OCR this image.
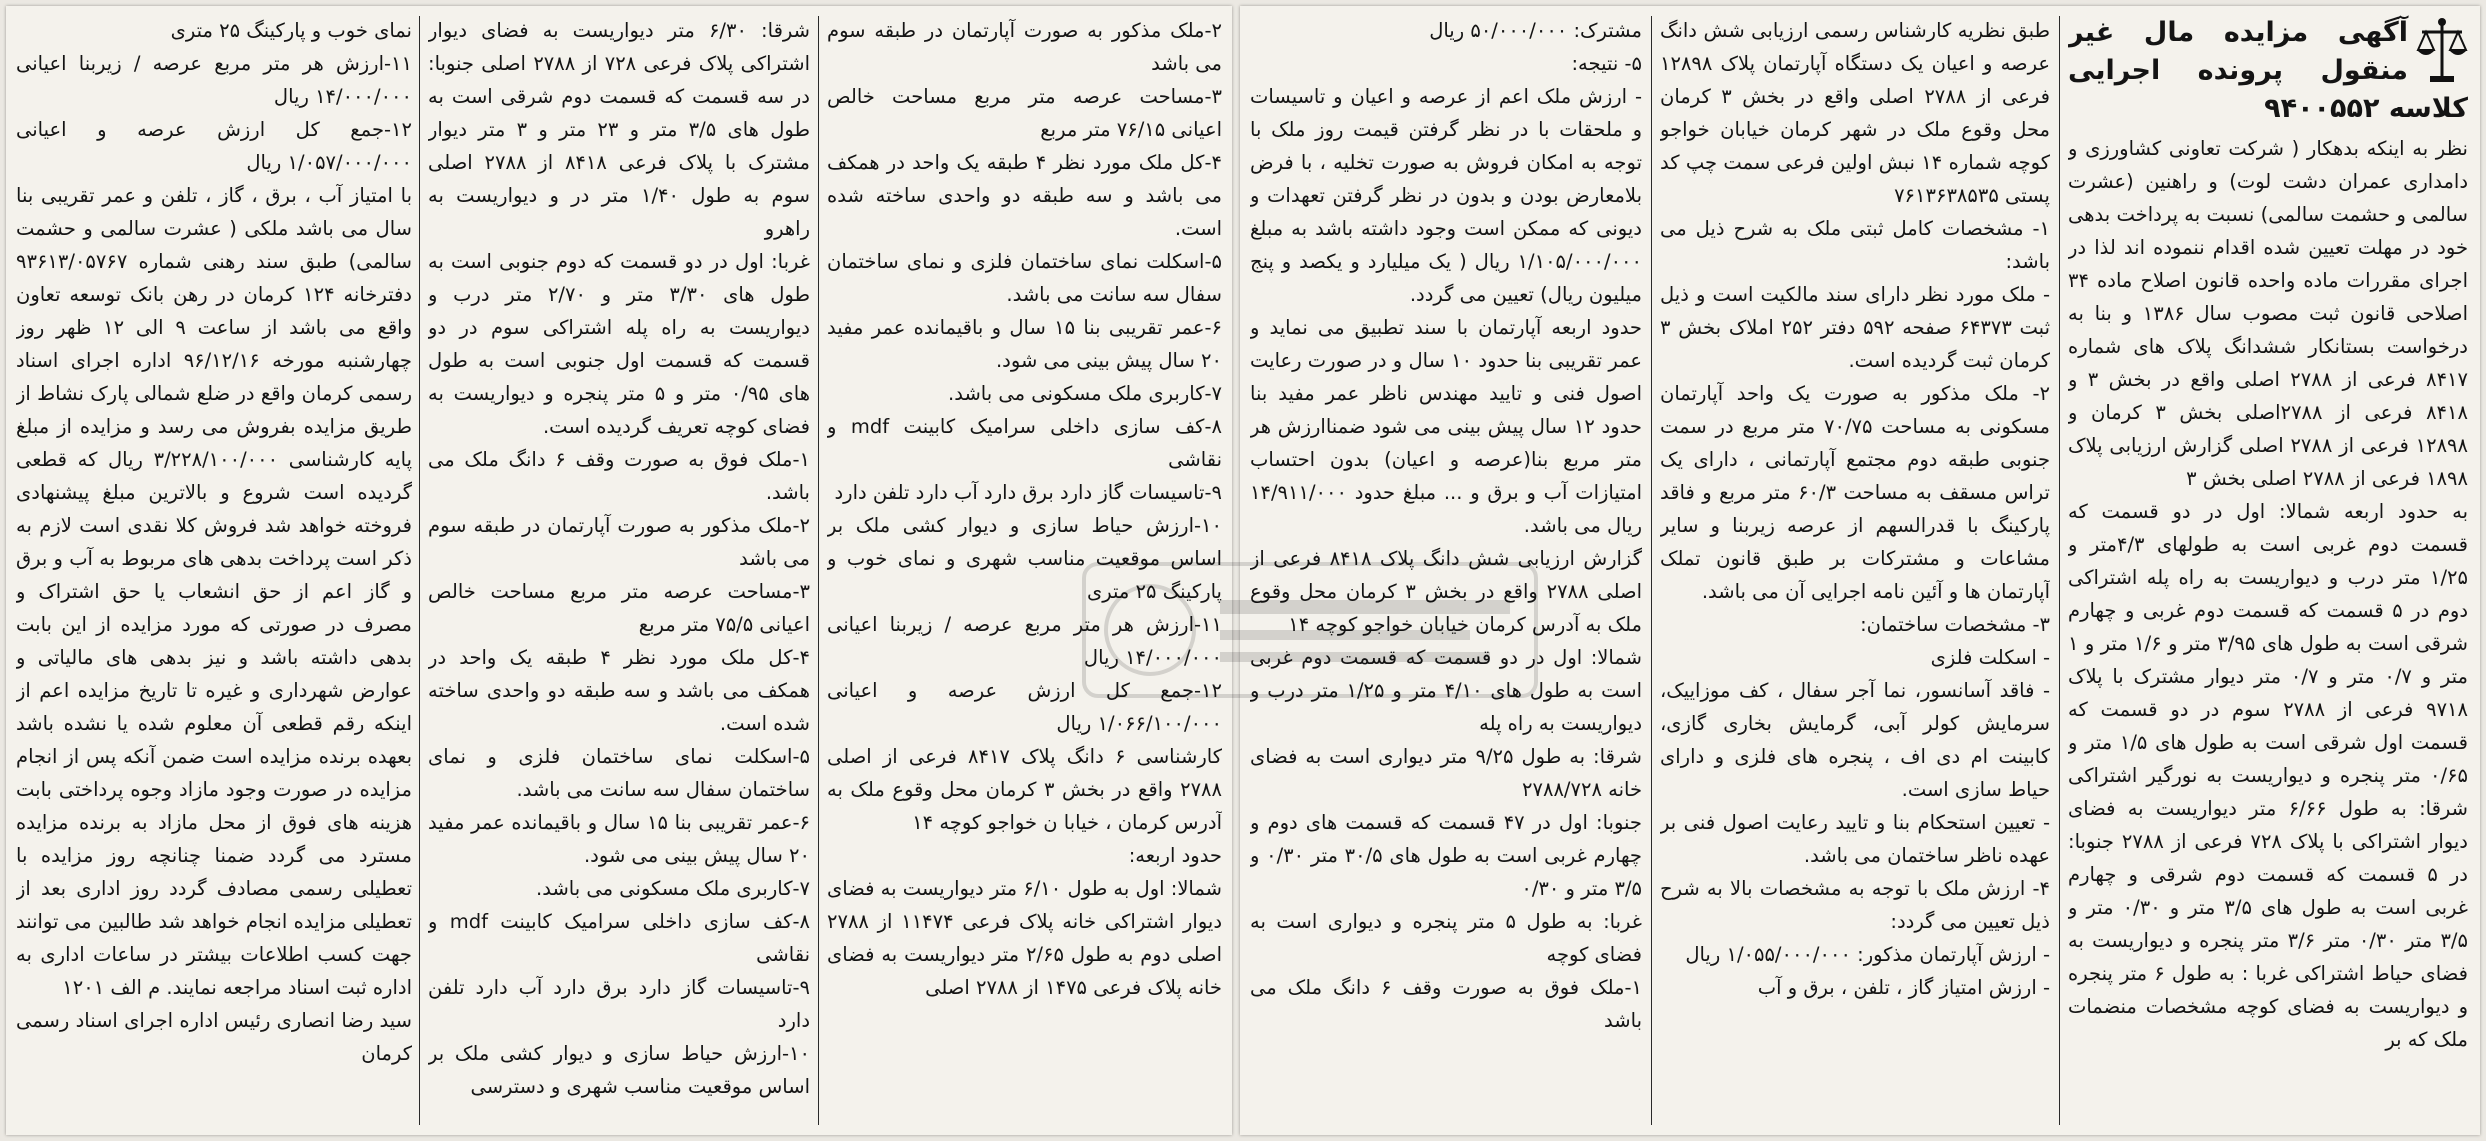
آگهی مزایده مال غیر منقول پرونده اجرایی کلاسه ۹۴۰۰۵۵۲

نظر به اینکه بدهکار ( شرکت تعاونی کشاورزی و دامداری عمران دشت لوت) و راهنین (عشرت سالمی و حشمت سالمی) نسبت به پرداخت بدهی خود در مهلت تعیین شده اقدام ننموده اند لذا در اجرای مقررات ماده واحده قانون اصلاح ماده ۳۴ اصلاحی قانون ثبت مصوب سال ۱۳۸۶ و بنا به درخواست بستانکار ششدانگ پلاک های شماره ۸۴۱۷ فرعی از ۲۷۸۸ اصلی واقع در بخش ۳ و ۸۴۱۸ فرعی از ۲۷۸۸اصلی بخش ۳ کرمان و ۱۲۸۹۸ فرعی از ۲۷۸۸ اصلی گزارش ارزیابی پلاک ۱۸۹۸ فرعی از ۲۷۸۸ اصلی بخش ۳

به حدود اربعه شمالا: اول در دو قسمت که قسمت دوم غربی است به طولهای ۴/۳متر و ۱/۲۵ متر درب و دیواریست به راه پله اشتراکی دوم در ۵ قسمت که قسمت دوم غربی و چهارم شرقی است به طول های ۳/۹۵ متر و ۱/۶ متر و ۱ متر و ۰/۷ متر و ۰/۷ متر دیوار مشترک با پلاک ۹۷۱۸ فرعی از ۲۷۸۸ سوم در دو قسمت که قسمت اول شرقی است به طول های ۱/۵ متر و ۰/۶۵ متر پنجره و دیواریست به نورگیر اشتراکی شرقا: به طول ۶/۶۶ متر دیواریست به فضای دیوار اشتراکی با پلاک ۷۲۸ فرعی از ۲۷۸۸ جنوبا: در ۵ قسمت که قسمت دوم شرقی و چهارم غربی است به طول های ۳/۵ متر و ۰/۳۰ متر و ۳/۵ متر ۰/۳۰ متر ۳/۶ متر پنجره و دیواریست به فضای حیاط اشتراکی غربا : به طول ۶ متر پنجره و دیواریست به فضای کوچه مشخصات منضمات ملک که بر

طبق نظریه کارشناس رسمی ارزیابی شش دانگ عرصه و اعیان یک دستگاه آپارتمان پلاک ۱۲۸۹۸ فرعی از ۲۷۸۸ اصلی واقع در بخش ۳ کرمان محل وقوع ملک در شهر کرمان خیابان خواجو کوچه شماره ۱۴ نبش اولین فرعی سمت چپ کد پستی ۷۶۱۳۶۳۸۵۳۵

۱- مشخصات کامل ثبتی ملک به شرح ذیل می باشد:

- ملک مورد نظر دارای سند مالکیت است و ذیل ثبت ۶۴۳۷۳ صفحه ۵۹۲ دفتر ۲۵۲ املاک بخش ۳ کرمان ثبت گردیده است.

۲- ملک مذکور به صورت یک واحد آپارتمان مسکونی به مساحت ۷۰/۷۵ متر مربع در سمت جنوبی طبقه دوم مجتمع آپارتمانی ، دارای یک تراس مسقف به مساحت ۶۰/۳ متر مربع و فاقد پارکینگ با قدرالسهم از عرصه زیربنا و سایر مشاعات و مشترکات بر طبق قانون تملک آپارتمان ها و آئین نامه اجرایی آن می باشد.

۳- مشخصات ساختمان:

- اسکلت فلزی

- فاقد آسانسور، نما آجر سفال ، کف موزاییک، سرمایش کولر آبی، گرمایش بخاری گازی، کابینت ام دی اف ، پنجره های فلزی و دارای حیاط سازی است.

- تعیین استحکام بنا و تایید رعایت اصول فنی بر عهده ناظر ساختمان می باشد.

۴- ارزش ملک با توجه به مشخصات بالا به شرح ذیل تعیین می گردد:

- ارزش آپارتمان مذکور: ۱/۰۵۵/۰۰۰/۰۰۰ ریال

- ارزش امتیاز گاز ، تلفن ، برق و آب

مشترک: ۵۰/۰۰۰/۰۰۰ ریال

۵- نتیجه:

- ارزش ملک اعم از عرصه و اعیان و تاسیسات و ملحقات با در نظر گرفتن قیمت روز ملک با توجه به امکان فروش به صورت تخلیه ، با فرض بلامعارض بودن و بدون در نظر گرفتن تعهدات و دیونی که ممکن است وجود داشته باشد به مبلغ ۱/۱۰۵/۰۰۰/۰۰۰ ریال ( یک میلیارد و یکصد و پنج میلیون ریال) تعیین می گردد.

حدود اربعه آپارتمان با سند تطبیق می نماید و عمر تقریبی بنا حدود ۱۰ سال و در صورت رعایت اصول فنی و تایید مهندس ناظر عمر مفید بنا حدود ۱۲ سال پیش بینی می شود ضمناارزش هر متر مربع بنا(عرصه و اعیان) بدون احتساب امتیازات آب و برق و ... مبلغ حدود ۱۴/۹۱۱/۰۰۰ ریال می باشد.

گزارش ارزیابی شش دانگ پلاک ۸۴۱۸ فرعی از اصلی ۲۷۸۸ واقع در بخش ۳ کرمان محل وقوع ملک به آدرس کرمان خیابان خواجو کوچه ۱۴

شمالا: اول در دو قسمت که قسمت دوم غربی است به طول های ۴/۱۰ متر و ۱/۲۵ متر درب و دیواریست به راه پله

شرقا: به طول ۹/۲۵ متر دیواری است به فضای خانه ۲۷۸۸/۷۲۸

جنوبا: اول در ۴۷ قسمت که قسمت های دوم و چهارم غربی است به طول های ۳۰/۵ متر ۰/۳۰ و ۳/۵ متر و ۰/۳۰

غربا: به طول ۵ متر پنجره و دیواری است به فضای کوچه

۱-ملک فوق به صورت وقف ۶ دانگ ملک می باشد

۲-ملک مذکور به صورت آپارتمان در طبقه سوم می باشد

۳-مساحت عرصه متر مربع مساحت خالص اعیانی ۷۶/۱۵ متر مربع

۴-کل ملک مورد نظر ۴ طبقه یک واحد در همکف می باشد و سه طبقه دو واحدی ساخته شده است.

۵-اسکلت نمای ساختمان فلزی و نمای ساختمان سفال سه سانت می باشد.

۶-عمر تقریبی بنا ۱۵ سال و باقیمانده عمر مفید ۲۰ سال پیش بینی می شود.

۷-کاربری ملک مسکونی می باشد.

۸-کف سازی داخلی سرامیک کابینت mdf و نقاشی

۹-تاسیسات گاز دارد برق دارد آب دارد تلفن دارد

۱۰-ارزش حیاط سازی و دیوار کشی ملک بر اساس موقعیت مناسب شهری و نمای خوب و پارکینگ ۲۵ متری

۱۱-ارزش هر متر مربع عرصه / زیربنا اعیانی ۱۴/۰۰۰/۰۰۰ ریال

۱۲-جمع کل ارزش عرصه و اعیانی ۱/۰۶۶/۱۰۰/۰۰۰ ریال

کارشناسی ۶ دانگ پلاک ۸۴۱۷ فرعی از اصلی ۲۷۸۸ واقع در بخش ۳ کرمان محل وقوع ملک به آدرس کرمان ، خیابا ن خواجو کوچه ۱۴

حدود اربعه:

شمالا: اول به طول ۶/۱۰ متر دیواریست به فضای دیوار اشتراکی خانه پلاک فرعی ۱۱۴۷۴ از ۲۷۸۸ اصلی دوم به طول ۲/۶۵ متر دیواریست به فضای خانه پلاک فرعی ۱۴۷۵ از ۲۷۸۸ اصلی

شرقا: ۶/۳۰ متر دیواریست به فضای دیوار اشتراکی پلاک فرعی ۷۲۸ از ۲۷۸۸ اصلی جنوبا: در سه قسمت که قسمت دوم شرقی است به طول های ۳/۵ متر و ۲۳ متر و ۳ متر دیوار مشترک با پلاک فرعی ۸۴۱۸ از ۲۷۸۸ اصلی سوم به طول ۱/۴۰ متر در و دیواریست به راهرو

غربا: اول در دو قسمت که دوم جنوبی است به طول های ۳/۳۰ متر و ۲/۷۰ متر درب و دیواریست به راه پله اشتراکی سوم در دو قسمت که قسمت اول جنوبی است به طول های ۰/۹۵ متر و ۵ متر پنجره و دیواریست به فضای کوچه تعریف گردیده است.

۱-ملک فوق به صورت وقف ۶ دانگ ملک می باشد.

۲-ملک مذکور به صورت آپارتمان در طبقه سوم می باشد

۳-مساحت عرصه متر مربع مساحت خالص اعیانی ۷۵/۵ متر مربع

۴-کل ملک مورد نظر ۴ طبقه یک واحد در همکف می باشد و سه طبقه دو واحدی ساخته شده است.

۵-اسکلت نمای ساختمان فلزی و نمای ساختمان سفال سه سانت می باشد.

۶-عمر تقریبی بنا ۱۵ سال و باقیمانده عمر مفید ۲۰ سال پیش بینی می شود.

۷-کاربری ملک مسکونی می باشد.

۸-کف سازی داخلی سرامیک کابینت mdf و نقاشی

۹-تاسیسات گاز دارد برق دارد آب دارد تلفن دارد

۱۰-ارزش حیاط سازی و دیوار کشی ملک بر اساس موقعیت مناسب شهری و دسترسی

نمای خوب و پارکینگ ۲۵ متری

۱۱-ارزش هر متر مربع عرصه / زیربنا اعیانی ۱۴/۰۰۰/۰۰۰ ریال

۱۲-جمع کل ارزش عرصه و اعیانی ۱/۰۵۷/۰۰۰/۰۰۰ ریال

با امتیاز آب ، برق ، گاز ، تلفن و عمر تقریبی بنا سال می باشد ملکی ( عشرت سالمی و حشمت سالمی) طبق سند رهنی شماره ۹۳۶۱۳/۰۵۷۶۷ دفترخانه ۱۲۴ کرمان در رهن بانک توسعه تعاون واقع می باشد از ساعت ۹ الی ۱۲ ظهر روز چهارشنبه مورخه ۹۶/۱۲/۱۶ اداره اجرای اسناد رسمی کرمان واقع در ضلع شمالی پارک نشاط از طریق مزایده بفروش می رسد و مزایده از مبلغ پایه کارشناسی ۳/۲۲۸/۱۰۰/۰۰۰ ریال که قطعی گردیده است شروع و بالاترین مبلغ پیشنهادی فروخته خواهد شد فروش کلا نقدی است لازم به ذکر است پرداخت بدهی های مربوط به آب و برق و گاز اعم از حق انشعاب یا حق اشتراک و مصرف در صورتی که مورد مزایده از این بابت بدهی داشته باشد و نیز بدهی های مالیاتی و عوارض شهرداری و غیره تا تاریخ مزایده اعم از اینکه رقم قطعی آن معلوم شده یا نشده باشد بعهده برنده مزایده است ضمن آنکه پس از انجام مزایده در صورت وجود مازاد وجوه پرداختی بابت هزینه های فوق از محل مازاد به برنده مزایده مسترد می گردد ضمنا چنانچه روز مزایده با تعطیلی رسمی مصادف گردد روز اداری بعد از تعطیلی مزایده انجام خواهد شد طالبین می توانند جهت کسب اطلاعات بیشتر در ساعات اداری به اداره ثبت اسناد مراجعه نمایند. م الف ۱۲۰۱

سید رضا انصاری رئیس اداره اجرای اسناد رسمی کرمان
